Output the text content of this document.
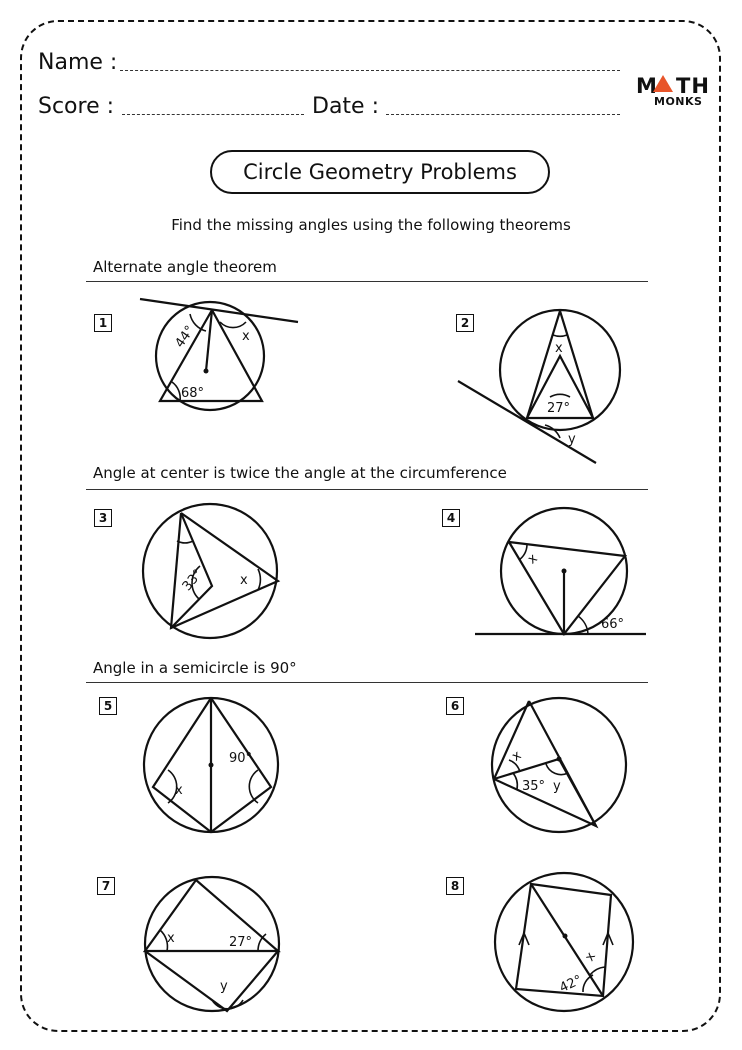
Name :
Score :	Date :
M TH
MONKS
Circle Geometry Problems
Find the missing angles using the following theorems
Alternate angle theorem
Angle at center is twice the angle at the circumference
Angle in a semicircle is 90°
1	2
3	4
5	6
7	8
44°	x
68°
x
27°
y
33°	x
x
66°
x
90°	x
35° y
x	27°
y
x
42°
